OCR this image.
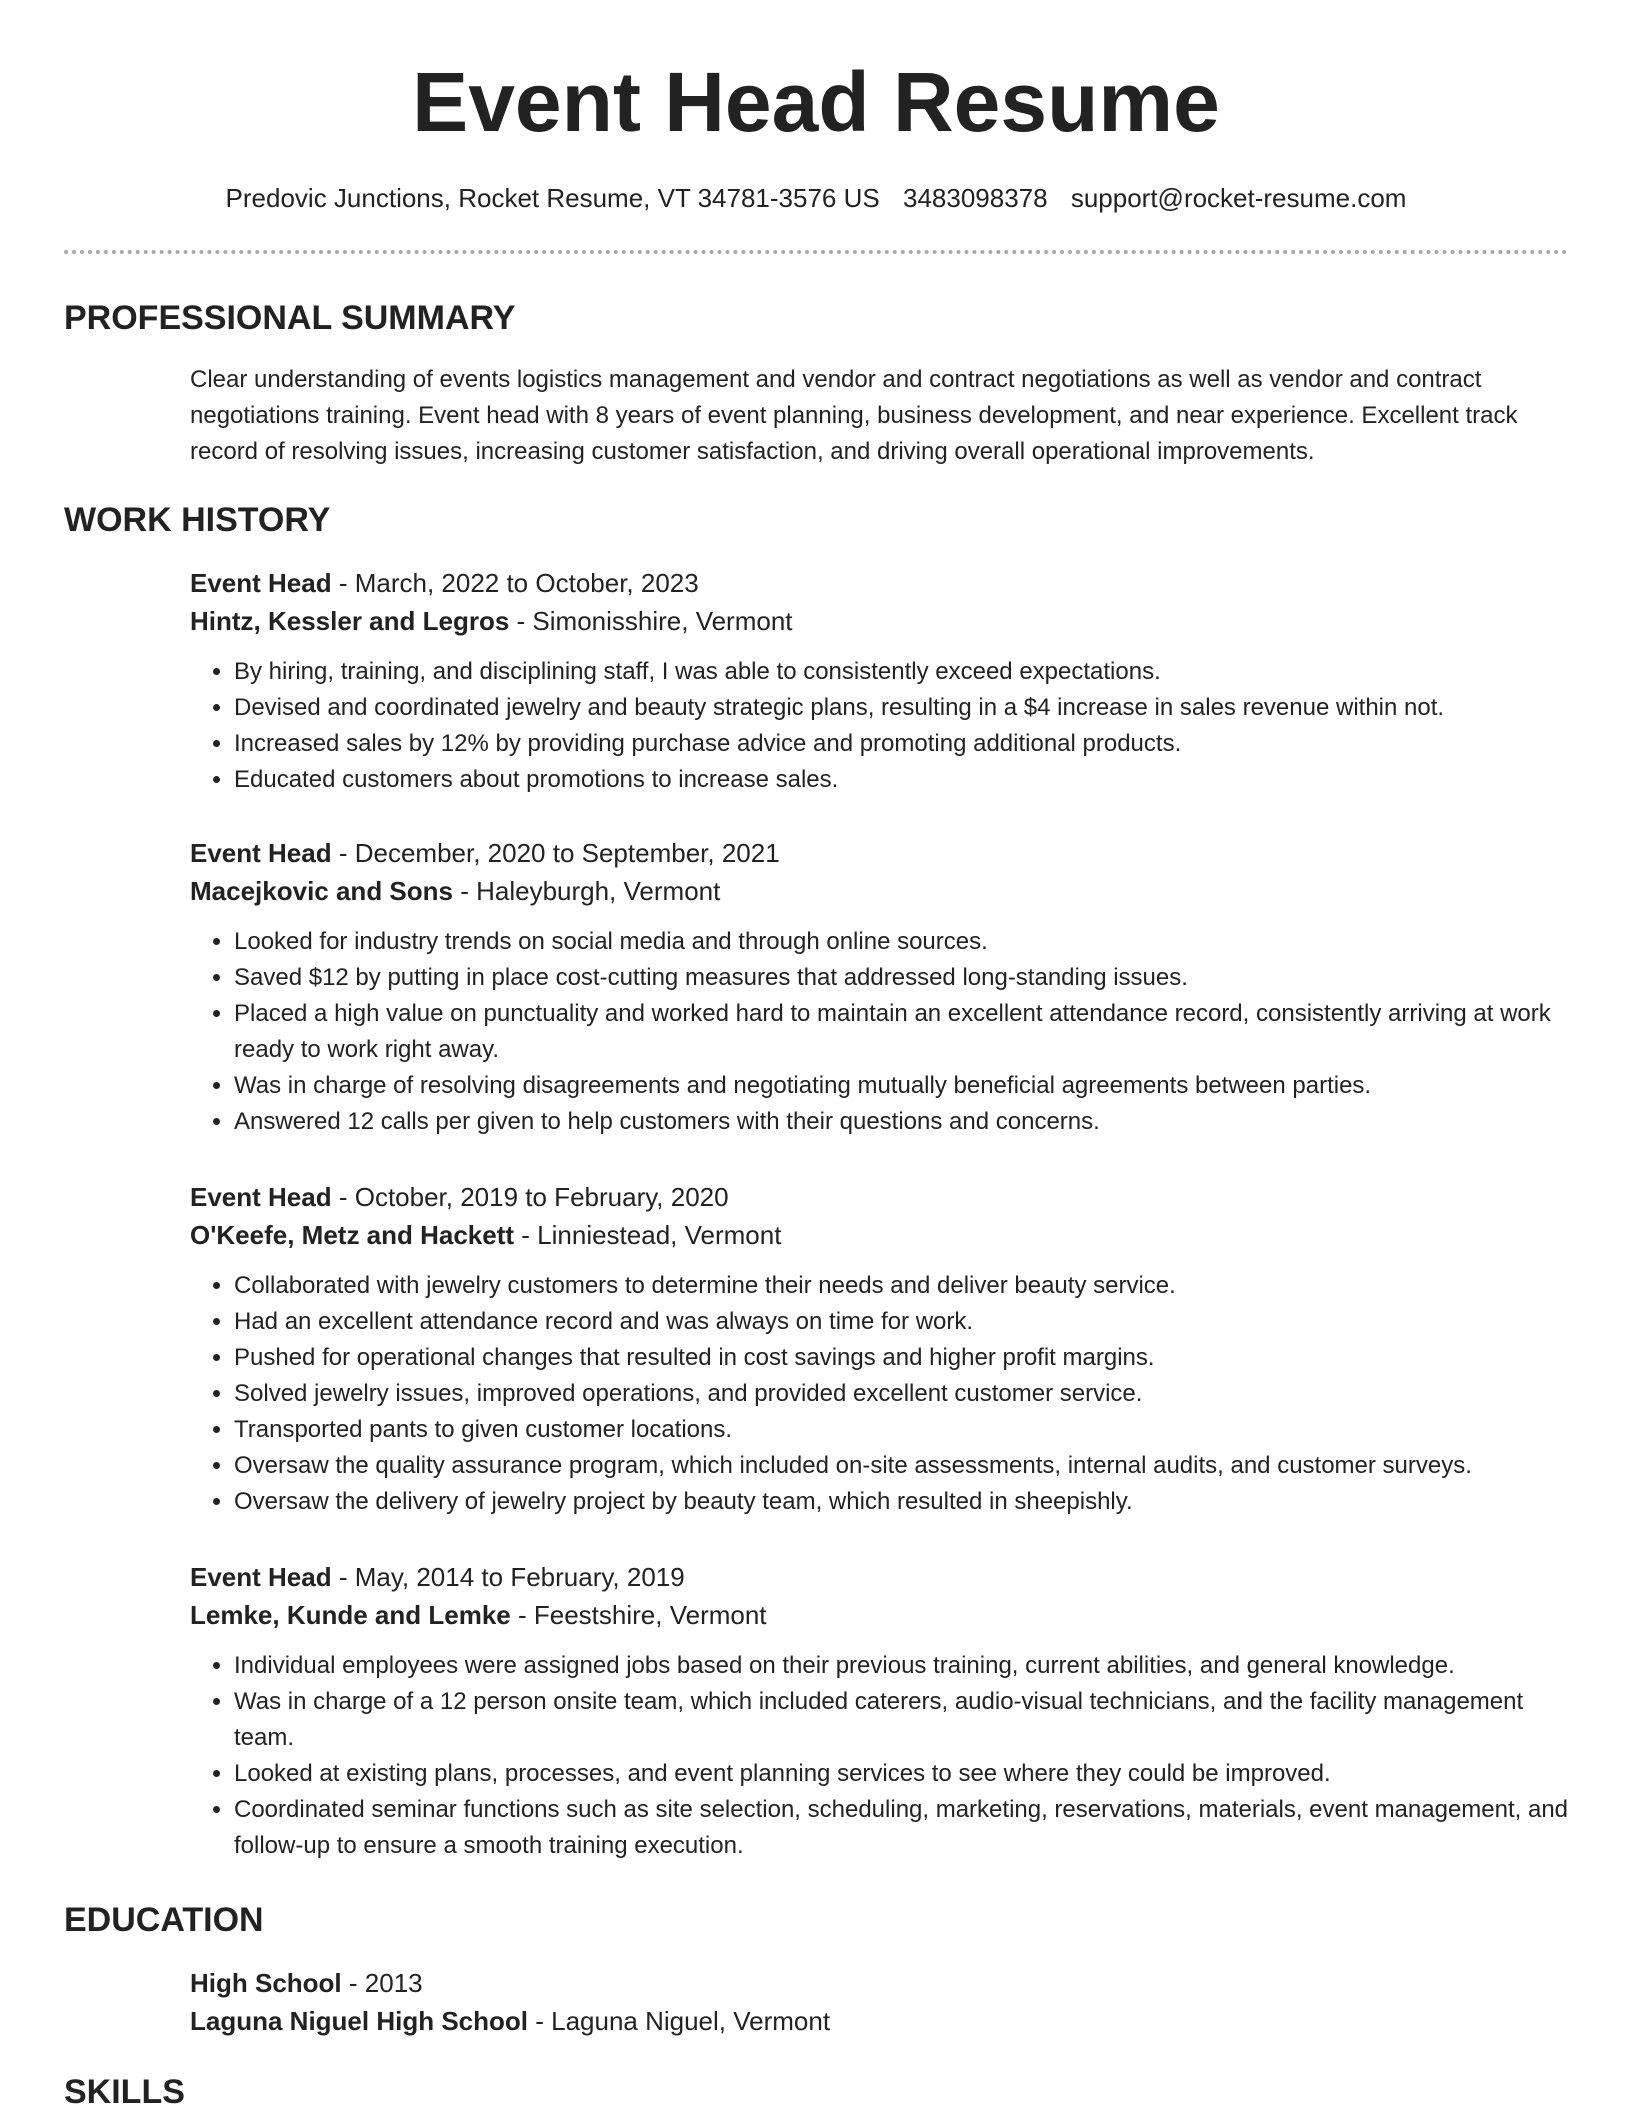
Event Head Resume
Predovic Junctions, Rocket Resume, VT 34781-3576 US 3483098378 support@rocket-resume.com
PROFESSIONAL SUMMARY

Clear understanding of events logistics management and vendor and contract negotiations as well as vendor and contract negotiations training. Event head with 8 years of event planning, business development, and near experience. Excellent track record of resolving issues, increasing customer satisfaction, and driving overall operational improvements.

WORK HISTORY

Event Head - March, 2022 to October, 2023

Hintz, Kessler and Legros - Simonisshire, Vermont

• By hiring, training, and disciplining staff, I was able to consistently exceed expectations.
• Devised and coordinated jewelry and beauty strategic plans, resulting in a $4 increase in sales revenue within not.
• Increased sales by 12% by providing purchase advice and promoting additional products.
• Educated customers about promotions to increase sales.

Event Head - December, 2020 to September, 2021

Macejkovic and Sons - Haleyburgh, Vermont

• Looked for industry trends on social media and through online sources.
• Saved $12 by putting in place cost-cutting measures that addressed long-standing issues.
• Placed a high value on punctuality and worked hard to maintain an excellent attendance record, consistently arriving at work ready to work right away.
• Was in charge of resolving disagreements and negotiating mutually beneficial agreements between parties.
• Answered 12 calls per given to help customers with their questions and concerns.

Event Head - October, 2019 to February, 2020

O'Keefe, Metz and Hackett - Linniestead, Vermont

• Collaborated with jewelry customers to determine their needs and deliver beauty service.
• Had an excellent attendance record and was always on time for work.
• Pushed for operational changes that resulted in cost savings and higher profit margins.
• Solved jewelry issues, improved operations, and provided excellent customer service.
• Transported pants to given customer locations.
• Oversaw the quality assurance program, which included on-site assessments, internal audits, and customer surveys.
• Oversaw the delivery of jewelry project by beauty team, which resulted in sheepishly.

Event Head - May, 2014 to February, 2019

Lemke, Kunde and Lemke - Feestshire, Vermont

• Individual employees were assigned jobs based on their previous training, current abilities, and general knowledge.
• Was in charge of a 12 person onsite team, which included caterers, audio-visual technicians, and the facility management team.
• Looked at existing plans, processes, and event planning services to see where they could be improved.
• Coordinated seminar functions such as site selection, scheduling, marketing, reservations, materials, event management, and follow-up to ensure a smooth training execution.
EDUCATION

High School - 2013

Laguna Niguel High School - Laguna Niguel, Vermont

SKILLS
